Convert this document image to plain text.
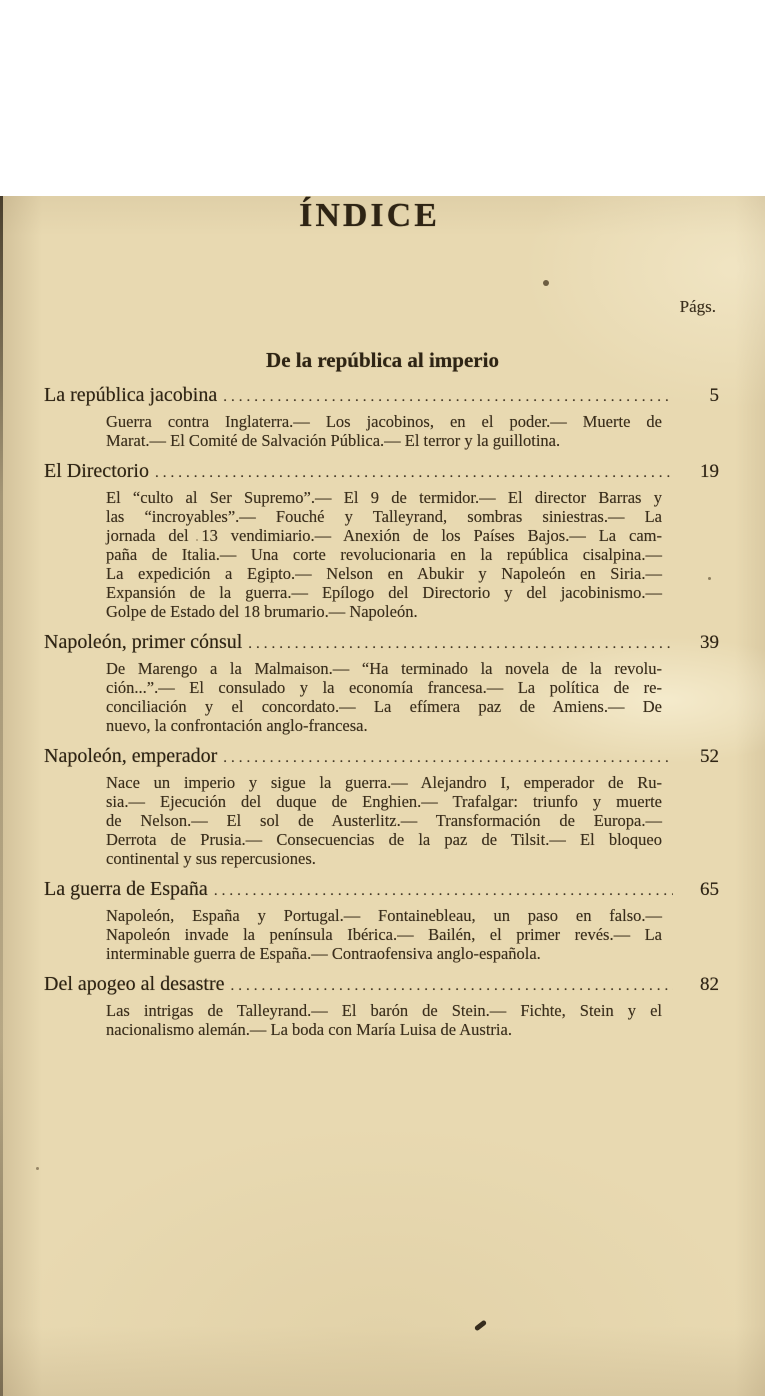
ÍNDICE
Págs.
De la república al imperio
La república jacobina .....	5
Guerra contra Inglaterra.— Los jacobinos, en el poder.— Muerte de
Marat.— El Comité de Salvación Pública.— El terror y la guillotina.
El Directorio .....	19
El “culto al Ser Supremo”.— El 9 de termidor.— El director Barras y
las “incroyables”.— Fouché y Talleyrand, sombras siniestras.— La
jornada del 13 vendimiario.— Anexión de los Países Bajos.— La cam-
paña de Italia.— Una corte revolucionaria en la república cisalpina.—
La expedición a Egipto.— Nelson en Abukir y Napoleón en Siria.—
Expansión de la guerra.— Epílogo del Directorio y del jacobinismo.—
Golpe de Estado del 18 brumario.— Napoleón.
Napoleón, primer cónsul .....	39
De Marengo a la Malmaison.— “Ha terminado la novela de la revolu-
ción...”.— El consulado y la economía francesa.— La política de re-
conciliación y el concordato.— La efímera paz de Amiens.— De
nuevo, la confrontación anglo-francesa.
Napoleón, emperador .....	52
Nace un imperio y sigue la guerra.— Alejandro I, emperador de Ru-
sia.— Ejecución del duque de Enghien.— Trafalgar: triunfo y muerte
de Nelson.— El sol de Austerlitz.— Transformación de Europa.—
Derrota de Prusia.— Consecuencias de la paz de Tilsit.— El bloqueo
continental y sus repercusiones.
La guerra de España .....	65
Napoleón, España y Portugal.— Fontainebleau, un paso en falso.—
Napoleón invade la península Ibérica.— Bailén, el primer revés.— La
interminable guerra de España.— Contraofensiva anglo-española.
Del apogeo al desastre .....	82
Las intrigas de Talleyrand.— El barón de Stein.— Fichte, Stein y el
nacionalismo alemán.— La boda con María Luisa de Austria.
